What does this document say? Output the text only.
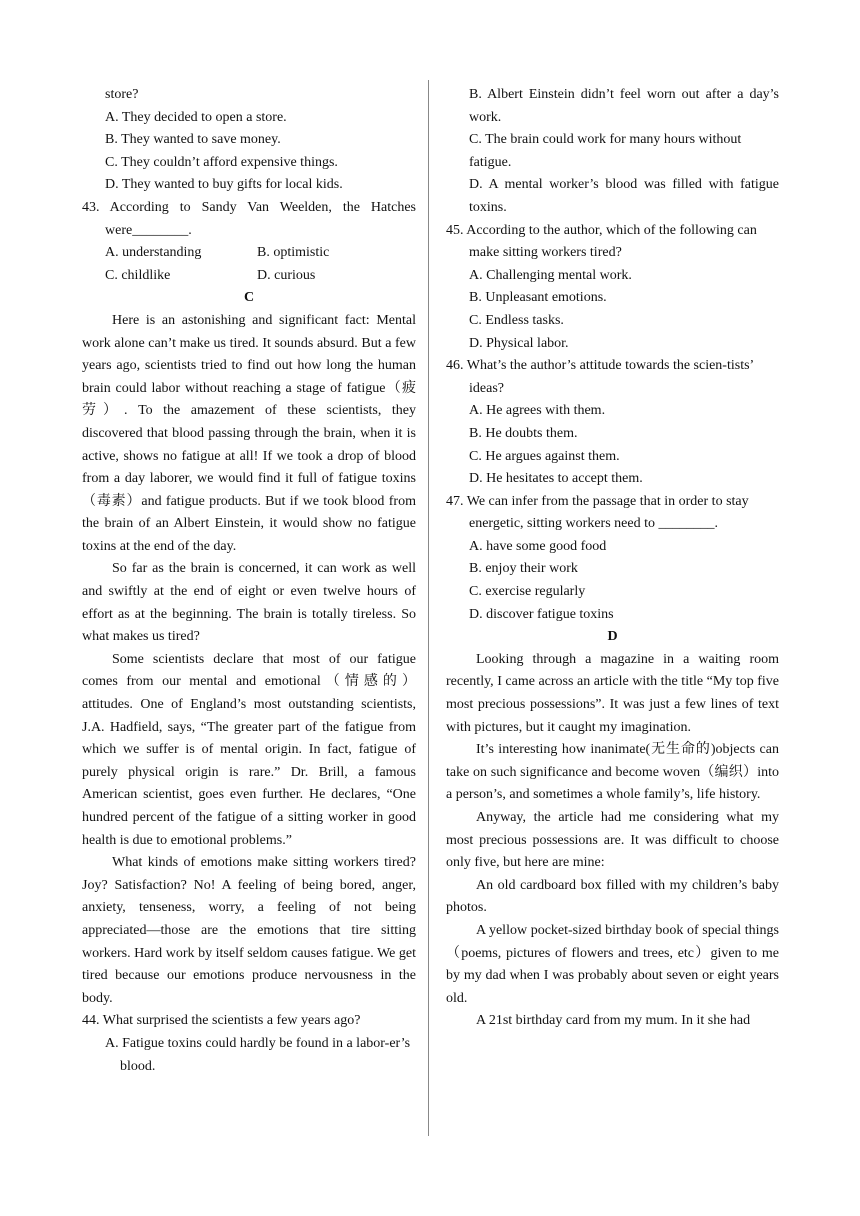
store?

A. They decided to open a store.

B. They wanted to save money.

C. They couldn’t afford expensive things.

D. They wanted to buy gifts for local kids.

43. According to Sandy Van Weelden, the Hatches were________.

A. understanding	B. optimistic
C. childlike	D. curious

C

Here is an astonishing and significant fact: Mental work alone can’t make us tired. It sounds absurd. But a few years ago, scientists tried to find out how long the human brain could labor without reaching a stage of fatigue（疲劳）. To the amazement of these scientists, they discovered that blood passing through the brain, when it is active, shows no fatigue at all! If we took a drop of blood from a day laborer, we would find it full of fatigue toxins（毒素）and fatigue products. But if we took blood from the brain of an Albert Einstein, it would show no fatigue toxins at the end of the day.

So far as the brain is concerned, it can work as well and swiftly at the end of eight or even twelve hours of effort as at the beginning. The brain is totally tireless. So what makes us tired?

Some scientists declare that most of our fatigue comes from our mental and emotional（情感的）attitudes. One of England’s most outstanding scientists, J.A. Hadfield, says, “The greater part of the fatigue from which we suffer is of mental origin. In fact, fatigue of purely physical origin is rare.” Dr. Brill, a famous American scientist, goes even further. He declares, “One hundred percent of the fatigue of a sitting worker in good health is due to emotional problems.”

What kinds of emotions make sitting workers tired? Joy? Satisfaction? No! A feeling of being bored, anger, anxiety, tenseness, worry, a feeling of not being appreciated—those are the emotions that tire sitting workers. Hard work by itself seldom causes fatigue. We get tired because our emotions produce nervousness in the body.

44. What surprised the scientists a few years ago?

A. Fatigue toxins could hardly be found in a labor-er’s blood.

B. Albert Einstein didn’t feel worn out after a day’s work.

C. The brain could work for many hours without fatigue.

D. A mental worker’s blood was filled with fatigue toxins.

45. According to the author, which of the following can make sitting workers tired?

A. Challenging mental work.

B. Unpleasant emotions.

C. Endless tasks.

D. Physical labor.

46. What’s the author’s attitude towards the scien-tists’ ideas?

A. He agrees with them.

B. He doubts them.

C. He argues against them.

D. He hesitates to accept them.

47. We can infer from the passage that in order to stay energetic, sitting workers need to ________.

A. have some good food

B. enjoy their work

C. exercise regularly

D. discover fatigue toxins

D

Looking through a magazine in a waiting room recently, I came across an article with the title “My top five most precious possessions”. It was just a few lines of text with pictures, but it caught my imagination.

It’s interesting how inanimate(无生命的)objects can take on such significance and become woven（编织）into a person’s, and sometimes a whole family’s, life history.

Anyway, the article had me considering what my most precious possessions are. It was difficult to choose only five, but here are mine:

An old cardboard box filled with my children’s baby photos.

A yellow pocket-sized birthday book of special things（poems, pictures of flowers and trees, etc）given to me by my dad when I was probably about seven or eight years old.

A 21st birthday card from my mum. In it she had
